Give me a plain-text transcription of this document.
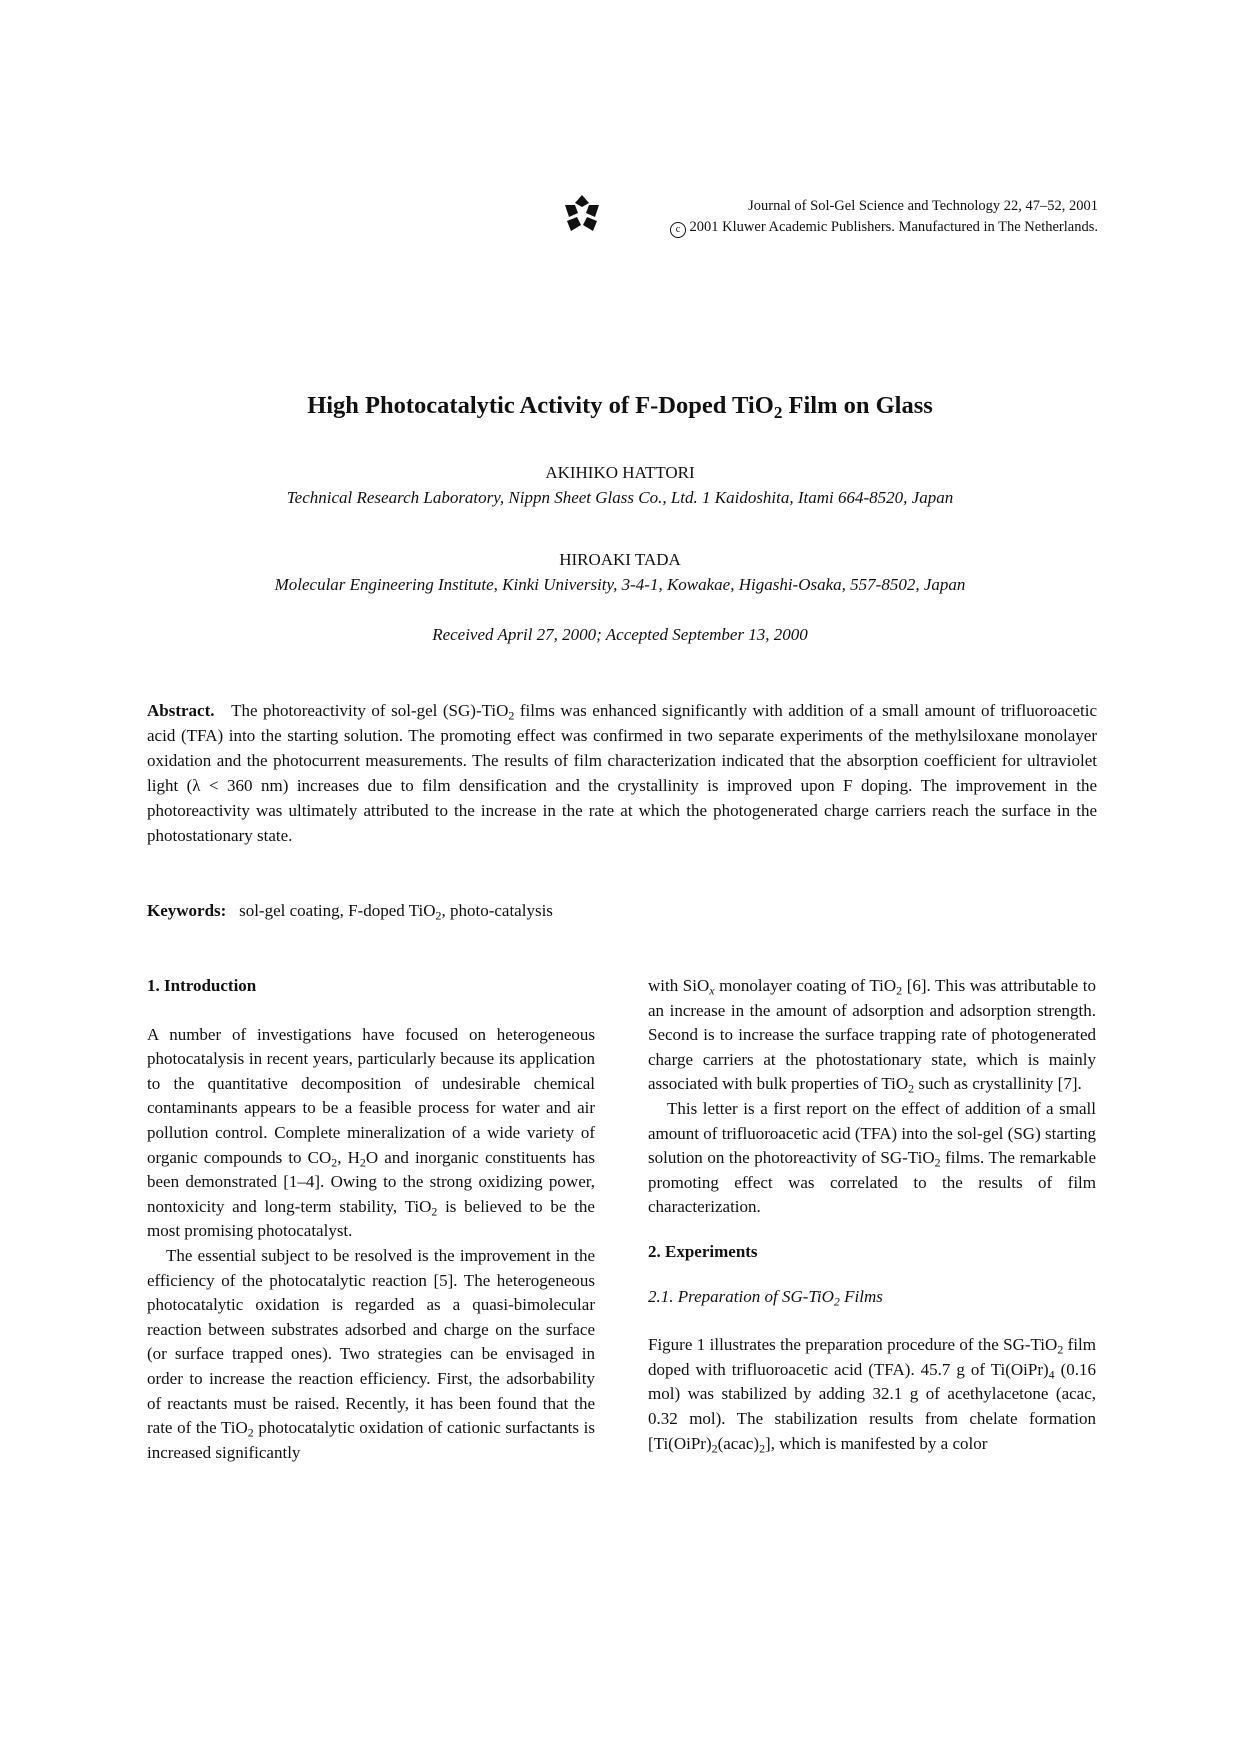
Journal of Sol-Gel Science and Technology 22, 47–52, 2001
c 2001 Kluwer Academic Publishers. Manufactured in The Netherlands.
High Photocatalytic Activity of F-Doped TiO$_2$ Film on Glass
AKIHIKO HATTORI
Technical Research Laboratory, Nippn Sheet Glass Co., Ltd. 1 Kaidoshita, Itami 664-8520, Japan
HIROAKI TADA
Molecular Engineering Institute, Kinki University, 3-4-1, Kowakae, Higashi-Osaka, 557-8502, Japan
Received April 27, 2000; Accepted September 13, 2000
Abstract. The photoreactivity of sol-gel (SG)-TiO$_2$ films was enhanced significantly with addition of a small amount of trifluoroacetic acid (TFA) into the starting solution. The promoting effect was confirmed in two separate experiments of the methylsiloxane monolayer oxidation and the photocurrent measurements. The results of film characterization indicated that the absorption coefficient for ultraviolet light (λ < 360 nm) increases due to film densification and the crystallinity is improved upon F doping. The improvement in the photoreactivity was ultimately attributed to the increase in the rate at which the photogenerated charge carriers reach the surface in the photostationary state.
Keywords: sol-gel coating, F-doped TiO$_2$, photo-catalysis

1. Introduction

A number of investigations have focused on heterogeneous photocatalysis in recent years, particularly because its application to the quantitative decomposition of undesirable chemical contaminants appears to be a feasible process for water and air pollution control. Complete mineralization of a wide variety of organic compounds to $CO_2$, $H_2O$ and inorganic constituents has been demonstrated [1–4]. Owing to the strong oxidizing power, nontoxicity and long-term stability, TiO$_2$ is believed to be the most promising photocatalyst.

The essential subject to be resolved is the improvement in the efficiency of the photocatalytic reaction [5]. The heterogeneous photocatalytic oxidation is regarded as a quasi-bimolecular reaction between substrates adsorbed and charge on the surface (or surface trapped ones). Two strategies can be envisaged in order to increase the reaction efficiency. First, the adsorbability of reactants must be raised. Recently, it has been found that the rate of the TiO$_2$ photocatalytic oxidation of cationic surfactants is increased significantly

with SiO$_x$ monolayer coating of TiO$_2$ [6]. This was attributable to an increase in the amount of adsorption and adsorption strength. Second is to increase the surface trapping rate of photogenerated charge carriers at the photostationary state, which is mainly associated with bulk properties of TiO$_2$ such as crystallinity [7].

This letter is a first report on the effect of addition of a small amount of trifluoroacetic acid (TFA) into the sol-gel (SG) starting solution on the photoreactivity of SG-TiO$_2$ films. The remarkable promoting effect was correlated to the results of film characterization.

2. Experiments

2.1. Preparation of SG-TiO$_2$ Films

Figure 1 illustrates the preparation procedure of the SG-TiO$_2$ film doped with trifluoroacetic acid (TFA). 45.7 g of $Ti(OiPr)_4$ (0.16 mol) was stabilized by adding 32.1 g of acethylacetone (acac, 0.32 mol). The stabilization results from chelate formation $[Ti(OiPr)_2(acac)_2]$, which is manifested by a color
